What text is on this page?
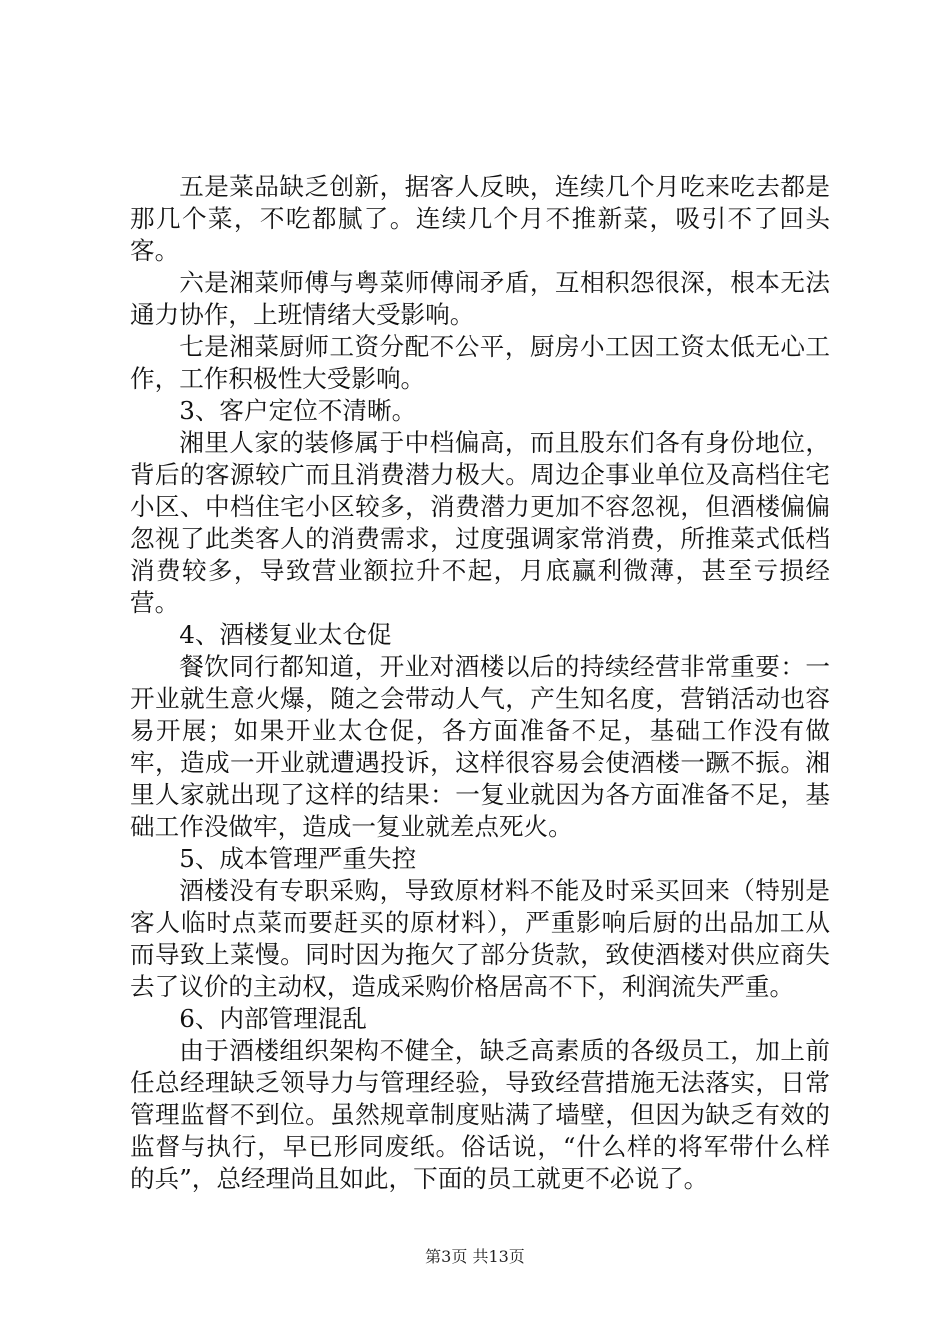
五是菜品缺乏创新，据客人反映，连续几个月吃来吃去都是那几个菜，不吃都腻了。连续几个月不推新菜，吸引不了回头客。

六是湘菜师傅与粤菜师傅闹矛盾，互相积怨很深，根本无法通力协作，上班情绪大受影响。

七是湘菜厨师工资分配不公平，厨房小工因工资太低无心工作，工作积极性大受影响。

3、客户定位不清晰。

湘里人家的装修属于中档偏高，而且股东们各有身份地位，背后的客源较广而且消费潜力极大。周边企事业单位及高档住宅小区、中档住宅小区较多，消费潜力更加不容忽视，但酒楼偏偏忽视了此类客人的消费需求，过度强调家常消费，所推菜式低档消费较多，导致营业额拉升不起，月底赢利微薄，甚至亏损经营。

4、酒楼复业太仓促

餐饮同行都知道，开业对酒楼以后的持续经营非常重要：一开业就生意火爆，随之会带动人气，产生知名度，营销活动也容易开展；如果开业太仓促，各方面准备不足，基础工作没有做牢，造成一开业就遭遇投诉，这样很容易会使酒楼一蹶不振。湘里人家就出现了这样的结果：一复业就因为各方面准备不足，基础工作没做牢，造成一复业就差点死火。

5、成本管理严重失控

酒楼没有专职采购，导致原材料不能及时采买回来（特别是客人临时点菜而要赶买的原材料），严重影响后厨的出品加工从而导致上菜慢。同时因为拖欠了部分货款，致使酒楼对供应商失去了议价的主动权，造成采购价格居高不下，利润流失严重。

6、内部管理混乱

由于酒楼组织架构不健全，缺乏高素质的各级员工，加上前任总经理缺乏领导力与管理经验，导致经营措施无法落实，日常管理监督不到位。虽然规章制度贴满了墙壁，但因为缺乏有效的监督与执行，早已形同废纸。俗话说，“什么样的将军带什么样的兵”，总经理尚且如此，下面的员工就更不必说了。

第3页 共13页
